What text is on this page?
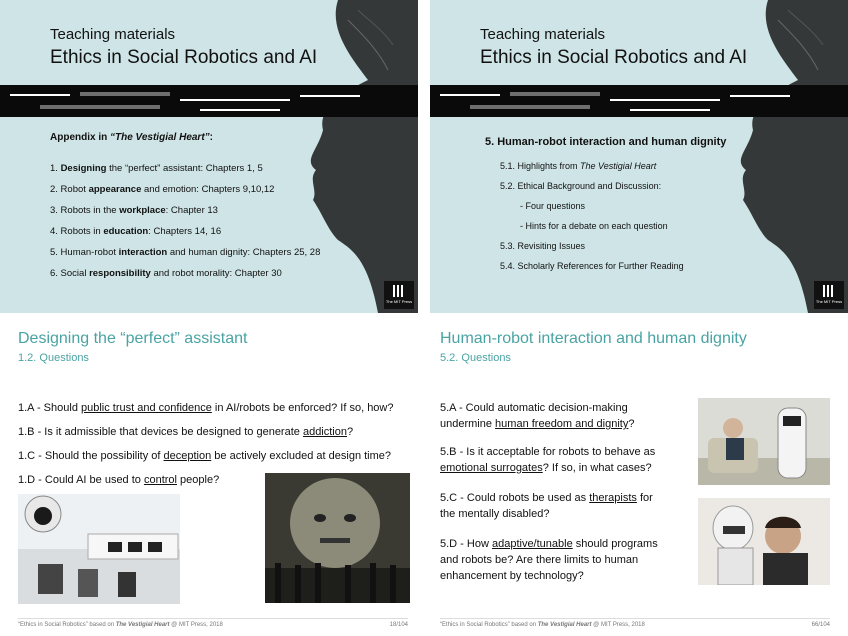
Teaching materials
Ethics in Social Robotics and AI
Appendix in “The Vestigial Heart”:
1. Designing the “perfect” assistant: Chapters 1, 5
2. Robot appearance and emotion: Chapters 9,10,12
3. Robots in the workplace: Chapter 13
4. Robots in education: Chapters 14, 16
5. Human-robot interaction and human dignity: Chapters 25, 28
6. Social responsibility and robot morality: Chapter 30
The MIT Press
Teaching materials
Ethics in Social Robotics and AI
5. Human-robot interaction and human dignity
5.1. Highlights from The Vestigial Heart
5.2. Ethical Background and Discussion:
- Four questions
- Hints for a debate on each question
5.3. Revisiting Issues
5.4. Scholarly References for Further Reading
The MIT Press
Designing the “perfect” assistant
1.2. Questions
1.A - Should public trust and confidence in AI/robots be enforced? If so, how?
1.B - Is it admissible that devices be designed to generate addiction?
1.C - Should the possibility of deception be actively excluded at design time?
1.D - Could AI be used to control people?
“Ethics in Social Robotics” based on The Vestigial Heart @ MIT Press, 2018	18/104
Human-robot interaction and human dignity
5.2. Questions
5.A - Could automatic decision-making
undermine human freedom and dignity?
5.B - Is it acceptable for robots to behave as
emotional surrogates? If so, in what cases?
5.C - Could robots be used as therapists for
the mentally disabled?
5.D - How adaptive/tunable should programs
and robots be? Are there limits to human
enhancement by technology?
“Ethics in Social Robotics” based on The Vestigial Heart @ MIT Press, 2018	66/104
